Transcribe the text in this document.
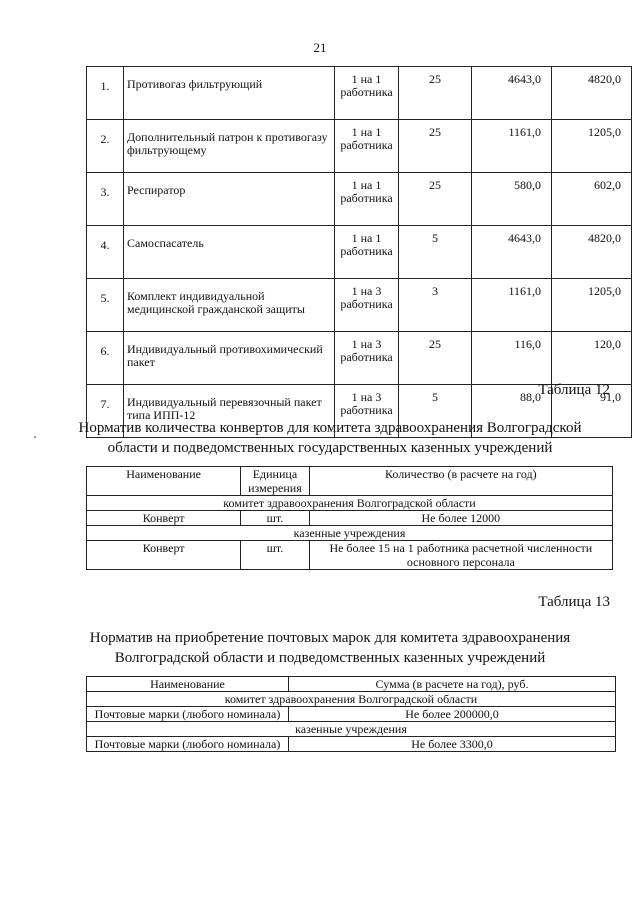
21
1.	Противогаз фильтрующий	1 на 1 работника	25	4643,0	4820,0
2.	Дополнительный патрон к противогазу фильтрующему	1 на 1 работника	25	1161,0	1205,0
3.	Респиратор	1 на 1 работника	25	580,0	602,0
4.	Самоспасатель	1 на 1 работника	5	4643,0	4820,0
5.	Комплект индивидуальной медицинской гражданской защиты	1 на 3 работника	3	1161,0	1205,0
6.	Индивидуальный противохимический пакет	1 на 3 работника	25	116,0	120,0
7.	Индивидуальный перевязочный пакет типа ИПП-12	1 на 3 работника	5	88,0	91,0
Таблица 12
Норматив количества конвертов для комитета здравоохранения Волгоградской области и подведомственных государственных казенных учреждений
Наименование	Единица измерения	Количество (в расчете на год)
комитет здравоохранения Волгоградской области		
Конверт	шт.	Не более 12000
казенные учреждения		
Конверт	шт.	Не более 15 на 1 работника расчетной численности основного персонала
Таблица 13
Норматив на приобретение почтовых марок для комитета здравоохранения Волгоградской области и подведомственных казенных учреждений
Наименование	Сумма (в расчете на год), руб.
комитет здравоохранения Волгоградской области	
Почтовые марки (любого номинала)	Не более 200000,0
казенные учреждения	
Почтовые марки (любого номинала)	Не более 3300,0
